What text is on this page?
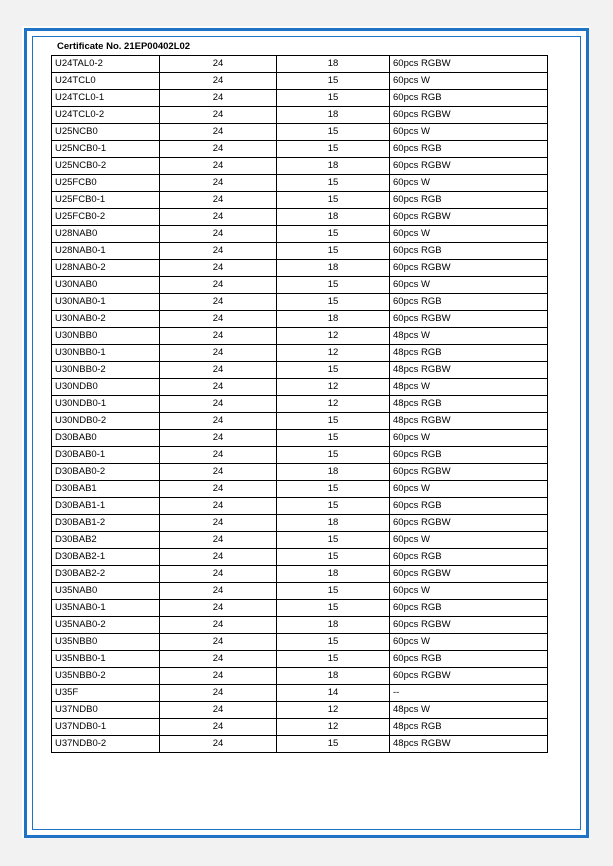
Certificate No. 21EP00402L02
U24TAL0-2	24	18	60pcs RGBW
U24TCL0	24	15	60pcs W
U24TCL0-1	24	15	60pcs RGB
U24TCL0-2	24	18	60pcs RGBW
U25NCB0	24	15	60pcs W
U25NCB0-1	24	15	60pcs RGB
U25NCB0-2	24	18	60pcs RGBW
U25FCB0	24	15	60pcs W
U25FCB0-1	24	15	60pcs RGB
U25FCB0-2	24	18	60pcs RGBW
U28NAB0	24	15	60pcs W
U28NAB0-1	24	15	60pcs RGB
U28NAB0-2	24	18	60pcs RGBW
U30NAB0	24	15	60pcs W
U30NAB0-1	24	15	60pcs RGB
U30NAB0-2	24	18	60pcs RGBW
U30NBB0	24	12	48pcs W
U30NBB0-1	24	12	48pcs RGB
U30NBB0-2	24	15	48pcs RGBW
U30NDB0	24	12	48pcs W
U30NDB0-1	24	12	48pcs RGB
U30NDB0-2	24	15	48pcs RGBW
D30BAB0	24	15	60pcs W
D30BAB0-1	24	15	60pcs RGB
D30BAB0-2	24	18	60pcs RGBW
D30BAB1	24	15	60pcs W
D30BAB1-1	24	15	60pcs RGB
D30BAB1-2	24	18	60pcs RGBW
D30BAB2	24	15	60pcs W
D30BAB2-1	24	15	60pcs RGB
D30BAB2-2	24	18	60pcs RGBW
U35NAB0	24	15	60pcs W
U35NAB0-1	24	15	60pcs RGB
U35NAB0-2	24	18	60pcs RGBW
U35NBB0	24	15	60pcs W
U35NBB0-1	24	15	60pcs RGB
U35NBB0-2	24	18	60pcs RGBW
U35F	24	14	--
U37NDB0	24	12	48pcs W
U37NDB0-1	24	12	48pcs RGB
U37NDB0-2	24	15	48pcs RGBW
